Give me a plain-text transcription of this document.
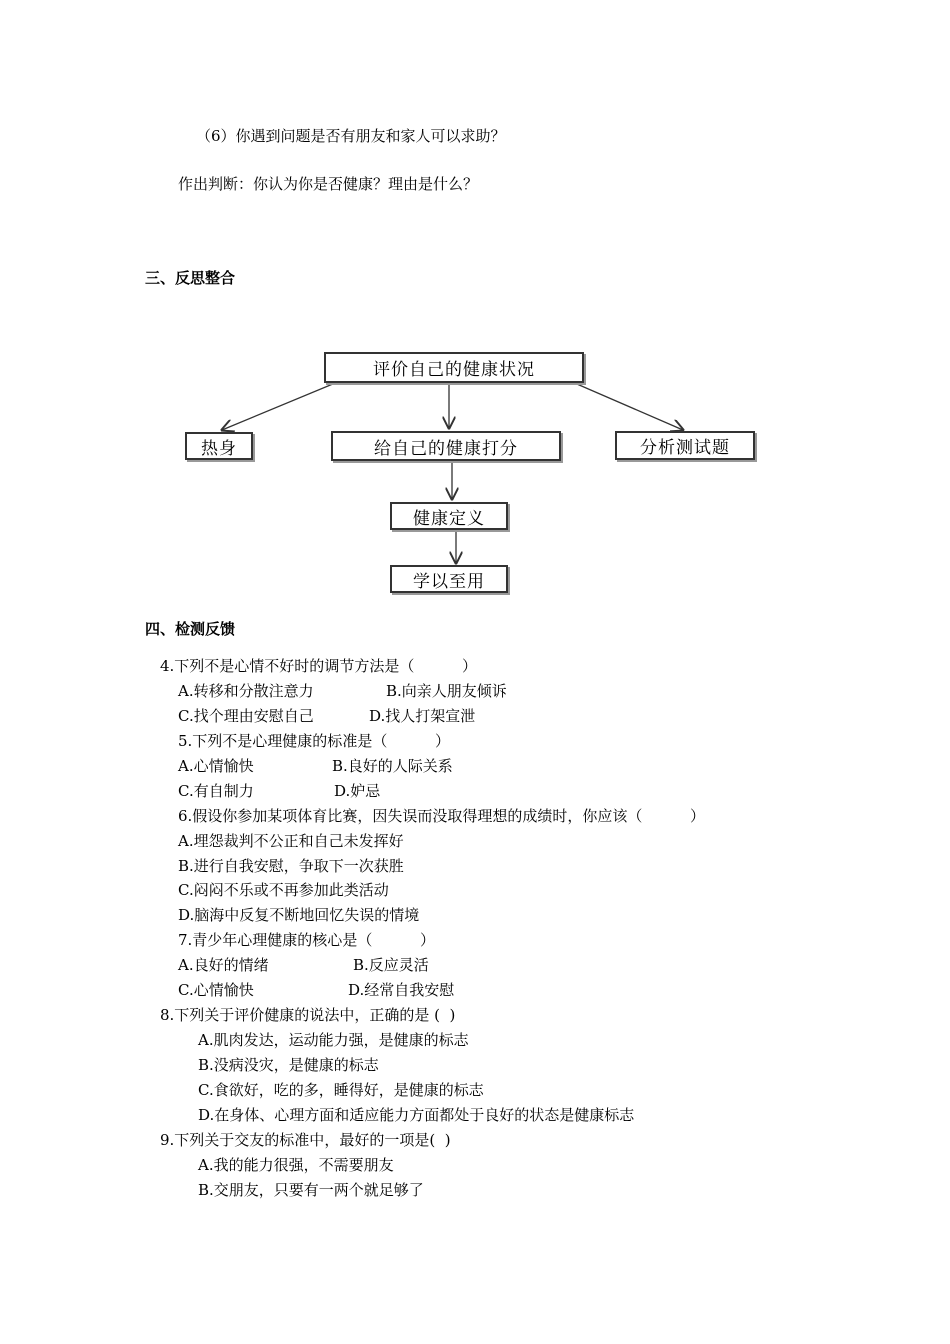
（6）你遇到问题是否有朋友和家人可以求助？
作出判断：你认为你是否健康？理由是什么？
三、反思整合
评价自己的健康状况
热身	给自己的健康打分	分析测试题
健康定义
学以至用
四、检测反馈
4.下列不是心情不好时的调节方法是（          ）
A.转移和分散注意力	B.向亲人朋友倾诉
C.找个理由安慰自己	D.找人打架宣泄
5.下列不是心理健康的标准是（          ）
A.心情愉快	B.良好的人际关系
C.有自制力	D.妒忌
6.假设你参加某项体育比赛，因失误而没取得理想的成绩时，你应该（          ）
A.埋怨裁判不公正和自己未发挥好
B.进行自我安慰，争取下一次获胜
C.闷闷不乐或不再参加此类活动
D.脑海中反复不断地回忆失误的情境
7.青少年心理健康的核心是（          ）
A.良好的情绪	B.反应灵活
C.心情愉快	D.经常自我安慰
8.下列关于评价健康的说法中，正确的是 (  )
A.肌肉发达，运动能力强，是健康的标志
B.没病没灾，是健康的标志
C.食欲好，吃的多，睡得好，是健康的标志
D.在身体、心理方面和适应能力方面都处于良好的状态是健康标志
9.下列关于交友的标准中，最好的一项是(  )
A.我的能力很强，不需要朋友
B.交朋友，只要有一两个就足够了
